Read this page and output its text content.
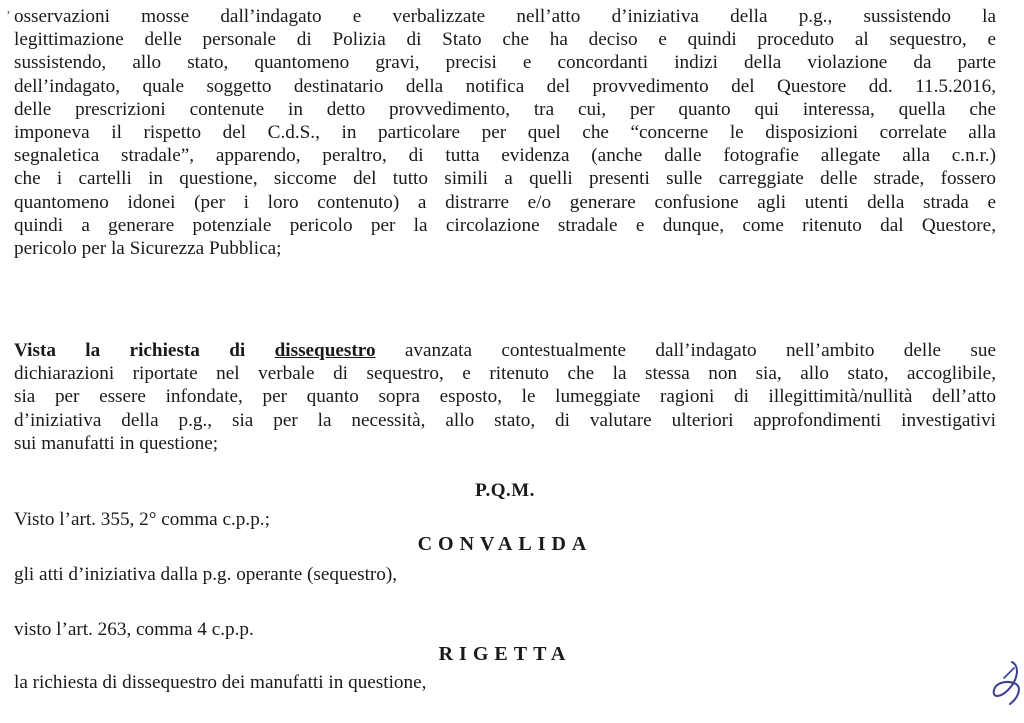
’ osservazioni mosse dall’indagato e verbalizzate nell’atto d’iniziativa della p.g., sussistendo la
legittimazione delle personale di Polizia di Stato che ha deciso e quindi proceduto al sequestro, e
sussistendo, allo stato, quantomeno gravi, precisi e concordanti indizi della violazione da parte
dell’indagato, quale soggetto destinatario della notifica del provvedimento del Questore dd. 11.5.2016,
delle prescrizioni contenute in detto provvedimento, tra cui, per quanto qui interessa, quella che
imponeva il rispetto del C.d.S., in particolare per quel che “concerne le disposizioni correlate alla
segnaletica stradale”, apparendo, peraltro, di tutta evidenza (anche dalle fotografie allegate alla c.n.r.)
che i cartelli in questione, siccome del tutto simili a quelli presenti sulle carreggiate delle strade, fossero
quantomeno idonei (per i loro contenuto) a distrarre e/o generare confusione agli utenti della strada e
quindi a generare potenziale pericolo per la circolazione stradale e dunque, come ritenuto dal Questore,
pericolo per la Sicurezza Pubblica;
Vista la richiesta di dissequestro avanzata contestualmente dall’indagato nell’ambito delle sue
dichiarazioni riportate nel verbale di sequestro, e ritenuto che la stessa non sia, allo stato, accoglibile,
sia per essere infondate, per quanto sopra esposto, le lumeggiate ragioni di illegittimità/nullità dell’atto
d’iniziativa della p.g., sia per la necessità, allo stato, di valutare ulteriori approfondimenti investigativi
sui manufatti in questione;
P.Q.M.
Visto l’art. 355, 2° comma c.p.p.;
CONVALIDA
gli atti d’iniziativa dalla p.g. operante (sequestro),
visto l’art. 263, comma 4 c.p.p.
RIGETTA
la richiesta di dissequestro dei manufatti in questione,
